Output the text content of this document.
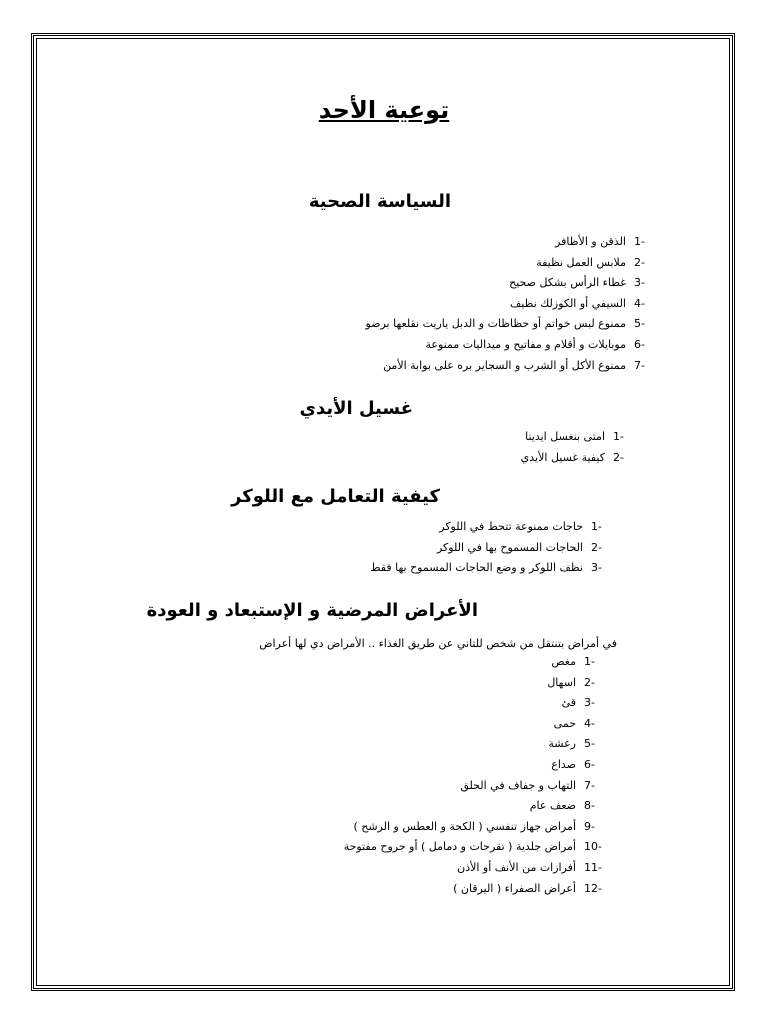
توعية الأحد
السياسة الصحية
-1الذقن و الأظافر
-2ملابس العمل نظيفة
-3غطاء الرأس بشكل صحيح
-4السيفي أو الكوزلك نظيف
-5ممنوع لبس خواتم أو حظاظات و الدبل ياريت نقلعها برضو
-6موبايلات و أقلام و مفاتيح و ميداليات ممنوعة
-7ممنوع الأكل أو الشرب و السجاير بره على بوابة الأمن
غسيل الأيدي
-1امتى بنغسل ايدينا
-2كيفية غسيل الأيدي
كيفية التعامل مع اللوكر
-1حاجات ممنوعة تتحط في اللوكر
-2الحاجات المسموح بها في اللوكر
-3نظف اللوكر و وضع الحاجات المسموح بها فقط
الأعراض المرضية و الإستبعاد و العودة
في أمراض بتنتقل من شخص للتاني عن طريق الغذاء .. الأمراض دي لها أعراض
-1مغص
-2اسهال
-3قئ
-4حمى
-5رعشة
-6صداع
-7التهاب و جفاف في الحلق
-8ضعف عام
-9أمراض جهاز تنفسي ( الكحة و العطس و الرشح )
-10أمراض جلدية ( تقرحات و دمامل ) أو جروح مفتوحة
-11أفرازات من الأنف أو الأذن
-12أعراض الصفراء ( اليرقان )
